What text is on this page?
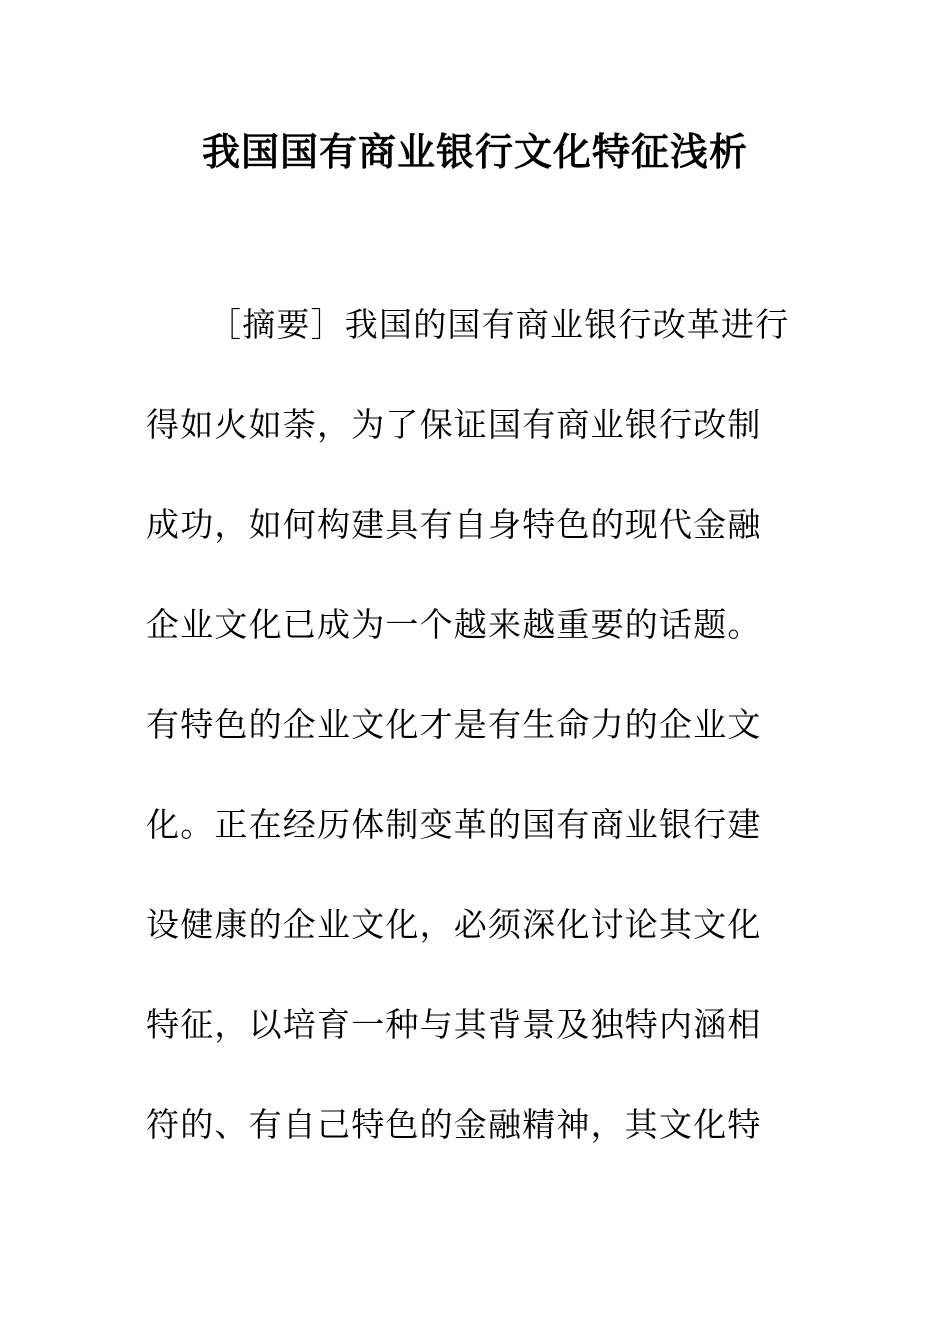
我国国有商业银行文化特征浅析
［摘要］我国的国有商业银行改革进行
得如火如荼，为了保证国有商业银行改制
成功，如何构建具有自身特色的现代金融
企业文化已成为一个越来越重要的话题。
有特色的企业文化才是有生命力的企业文
化。正在经历体制变革的国有商业银行建
设健康的企业文化，必须深化讨论其文化
特征，以培育一种与其背景及独特内涵相
符的、有自己特色的金融精神，其文化特
